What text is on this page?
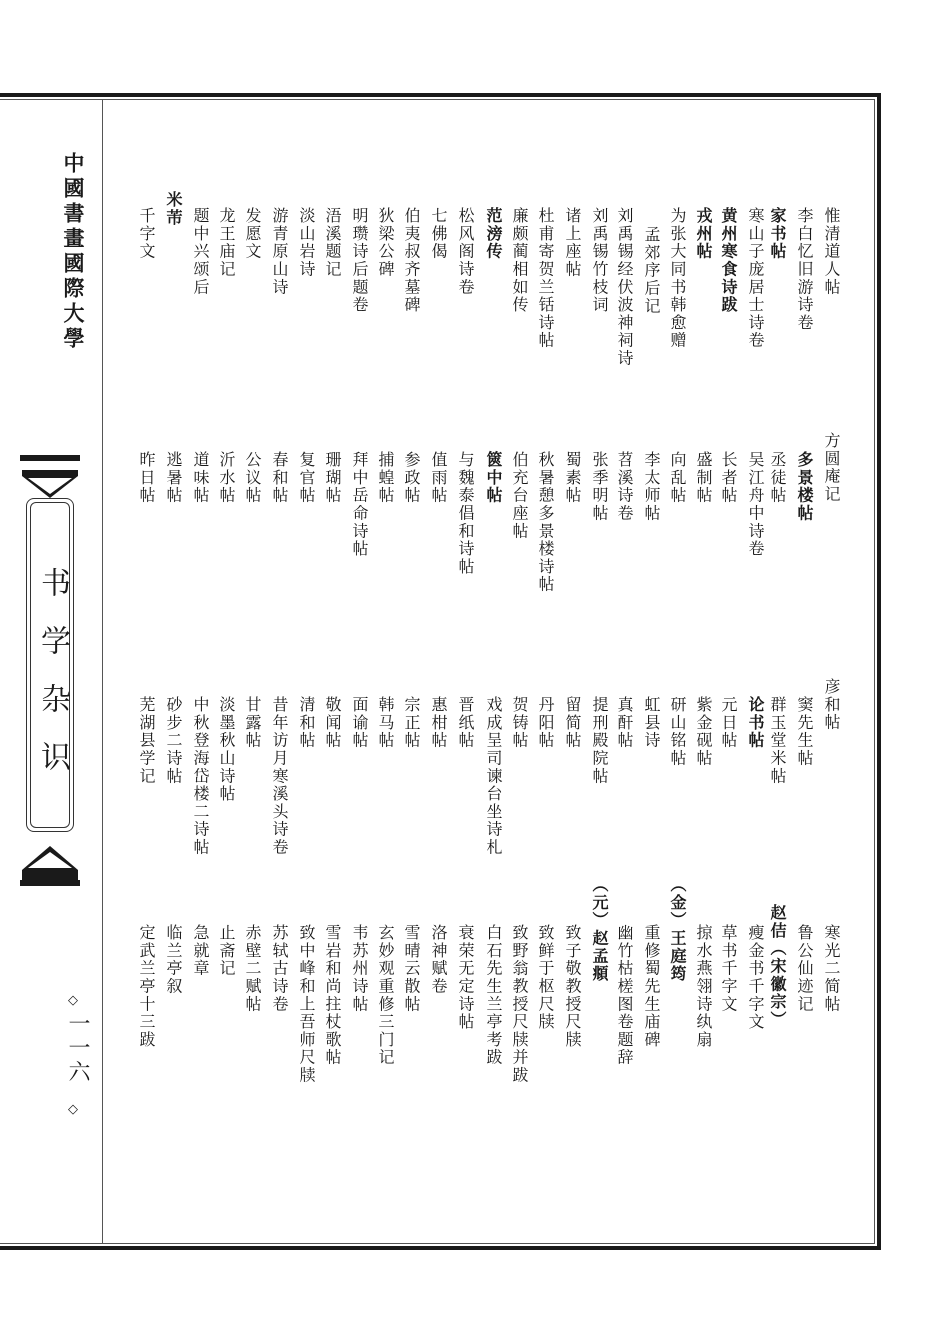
中國書畫國際大學
书学杂识
◇
一一六
◇
惟清道人帖
李白忆旧游诗卷
家书帖
寒山子庞居士诗卷
黄州寒食诗跋
戎州帖
为张大同书韩愈赠
孟郊序后记
刘禹锡经伏波神祠诗
刘禹锡竹枝词
诸上座帖
杜甫寄贺兰铦诗帖
廉颇蔺相如传
范滂传
松风阁诗卷
七佛偈
伯夷叔齐墓碑
狄梁公碑
明瓒诗后题卷
浯溪题记
淡山岩诗
游青原山诗
发愿文
龙王庙记
题中兴颂后
米芾
千字文
方圆庵记
多景楼帖
丞徒帖
吴江舟中诗卷
长者帖
盛制帖
向乱帖
李太师帖
苕溪诗卷
张季明帖
蜀素帖
秋暑憩多景楼诗帖
伯充台座帖
篋中帖
与魏泰倡和诗帖
值雨帖
参政帖
捕蝗帖
拜中岳命诗帖
珊瑚帖
复官帖
春和帖
公议帖
沂水帖
道味帖
逃暑帖
昨日帖
彦和帖
窦先生帖
群玉堂米帖
论书帖
元日帖
紫金砚帖
研山铭帖
虹县诗
真酐帖
提刑殿院帖
留简帖
丹阳帖
贺铸帖
戏成呈司谏台坐诗札
晋纸帖
惠柑帖
宗正帖
韩马帖
面谕帖
敬闻帖
清和帖
昔年访月寒溪头诗卷
甘露帖
淡墨秋山诗帖
中秋登海岱楼二诗帖
砂步二诗帖
芜湖县学记
寒光二简帖
鲁公仙迹记
赵佶（宋徽宗）
瘦金书千字文
草书千字文
掠水燕翎诗纨扇
（金）王庭筠
重修蜀先生庙碑
幽竹枯槎图卷题辞
（元）赵孟頫
致子敬教授尺牍
致鲜于枢尺牍
致野翁教授尺牍并跋
白石先生兰亭考跋
衰荣无定诗帖
洛神赋卷
雪晴云散帖
玄妙观重修三门记
韦苏州诗帖
雪岩和尚拄杖歌帖
致中峰和上吾师尺牍
苏轼古诗卷
赤壁二赋帖
止斋记
急就章
临兰亭叙
定武兰亭十三跋
